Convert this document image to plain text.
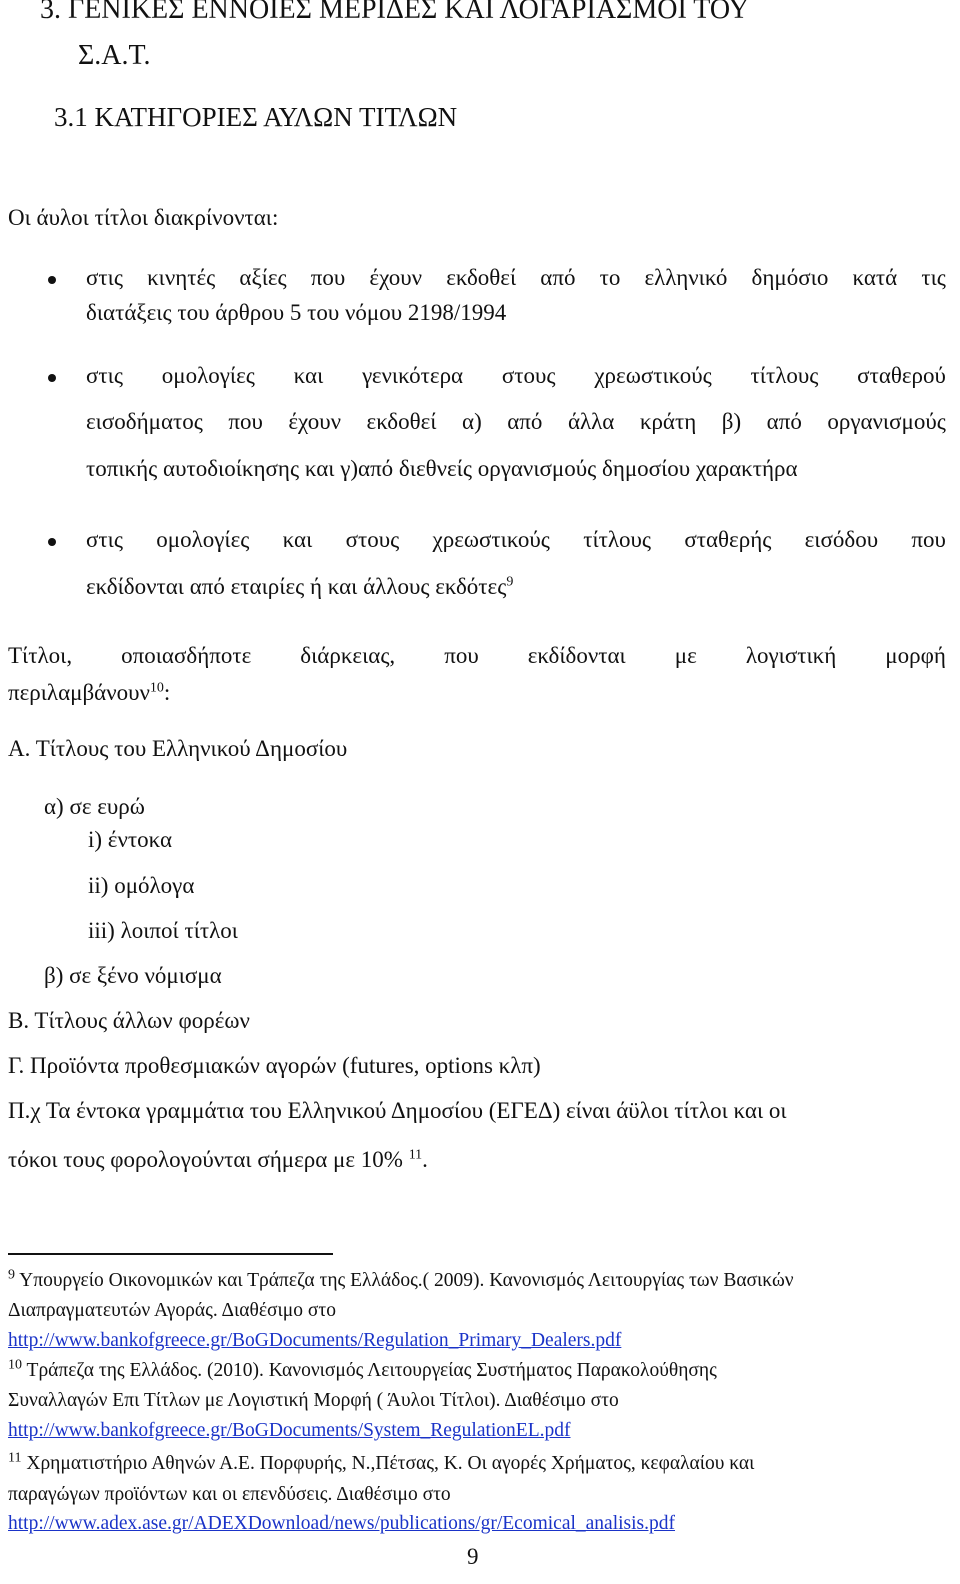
3. ΓΕΝΙΚΕΣ ΕΝΝΟΙΕΣ ΜΕΡΙΔΕΣ ΚΑΙ ΛΟΓΑΡΙΑΣΜΟΙ ΤΟΥ
Σ.Α.Τ.
3.1 ΚΑΤΗΓΟΡΙΕΣ ΑΥΛΩΝ ΤΙΤΛΩΝ
Οι άυλοι τίτλοι διακρίνονται:
στις κινητές αξίες που έχουν εκδοθεί από το ελληνικό δημόσιο κατά τις
διατάξεις του άρθρου 5 του νόμου 2198/1994
στις ομολογίες και γενικότερα στους χρεωστικούς τίτλους σταθερού
εισοδήματος που έχουν εκδοθεί α) από άλλα κράτη β) από οργανισμούς
τοπικής αυτοδιοίκησης και γ)από διεθνείς οργανισμούς δημοσίου χαρακτήρα
στις ομολογίες και στους χρεωστικούς τίτλους σταθερής εισόδου που
εκδίδονται από εταιρίες ή και άλλους εκδότες$^9$
Τίτλοι, οποιασδήποτε διάρκειας, που εκδίδονται με λογιστική μορφή
περιλαμβάνουν$^{10}$:
Α. Τίτλους του Ελληνικού Δημοσίου
α) σε ευρώ
i) έντοκα
ii) ομόλογα
iii) λοιποί τίτλοι
β) σε ξένο νόμισμα
Β. Τίτλους άλλων φορέων
Γ. Προϊόντα προθεσμιακών αγορών (futures, options κλπ)
Π.χ Τα έντοκα γραμμάτια του Ελληνικού Δημοσίου (ΕΓΕΔ) είναι άϋλοι τίτλοι και οι
τόκοι τους φορολογούνται σήμερα με 10% $^{11}$.
$^9$ Υπουργείο Οικονομικών και Τράπεζα της Ελλάδος.( 2009). Κανονισμός Λειτουργίας των Βασικών
Διαπραγματευτών Αγοράς. Διαθέσιμο στο
http://www.bankofgreece.gr/BoGDocuments/Regulation_Primary_Dealers.pdf
$^{10}$ Τράπεζα της Ελλάδος. (2010). Κανονισμός Λειτουργείας Συστήματος Παρακολούθησης
Συναλλαγών Επι Τίτλων με Λογιστική Μορφή ( Άυλοι Τίτλοι). Διαθέσιμο στο
http://www.bankofgreece.gr/BoGDocuments/System_RegulationEL.pdf
$^{11}$ Χρηματιστήριο Αθηνών Α.Ε. Πορφυρής, Ν.,Πέτσας, Κ. Οι αγορές Χρήματος, κεφαλαίου και
παραγώγων προϊόντων και οι επενδύσεις. Διαθέσιμο στο
http://www.adex.ase.gr/ADEXDownload/news/publications/gr/Ecomical_analisis.pdf
9
